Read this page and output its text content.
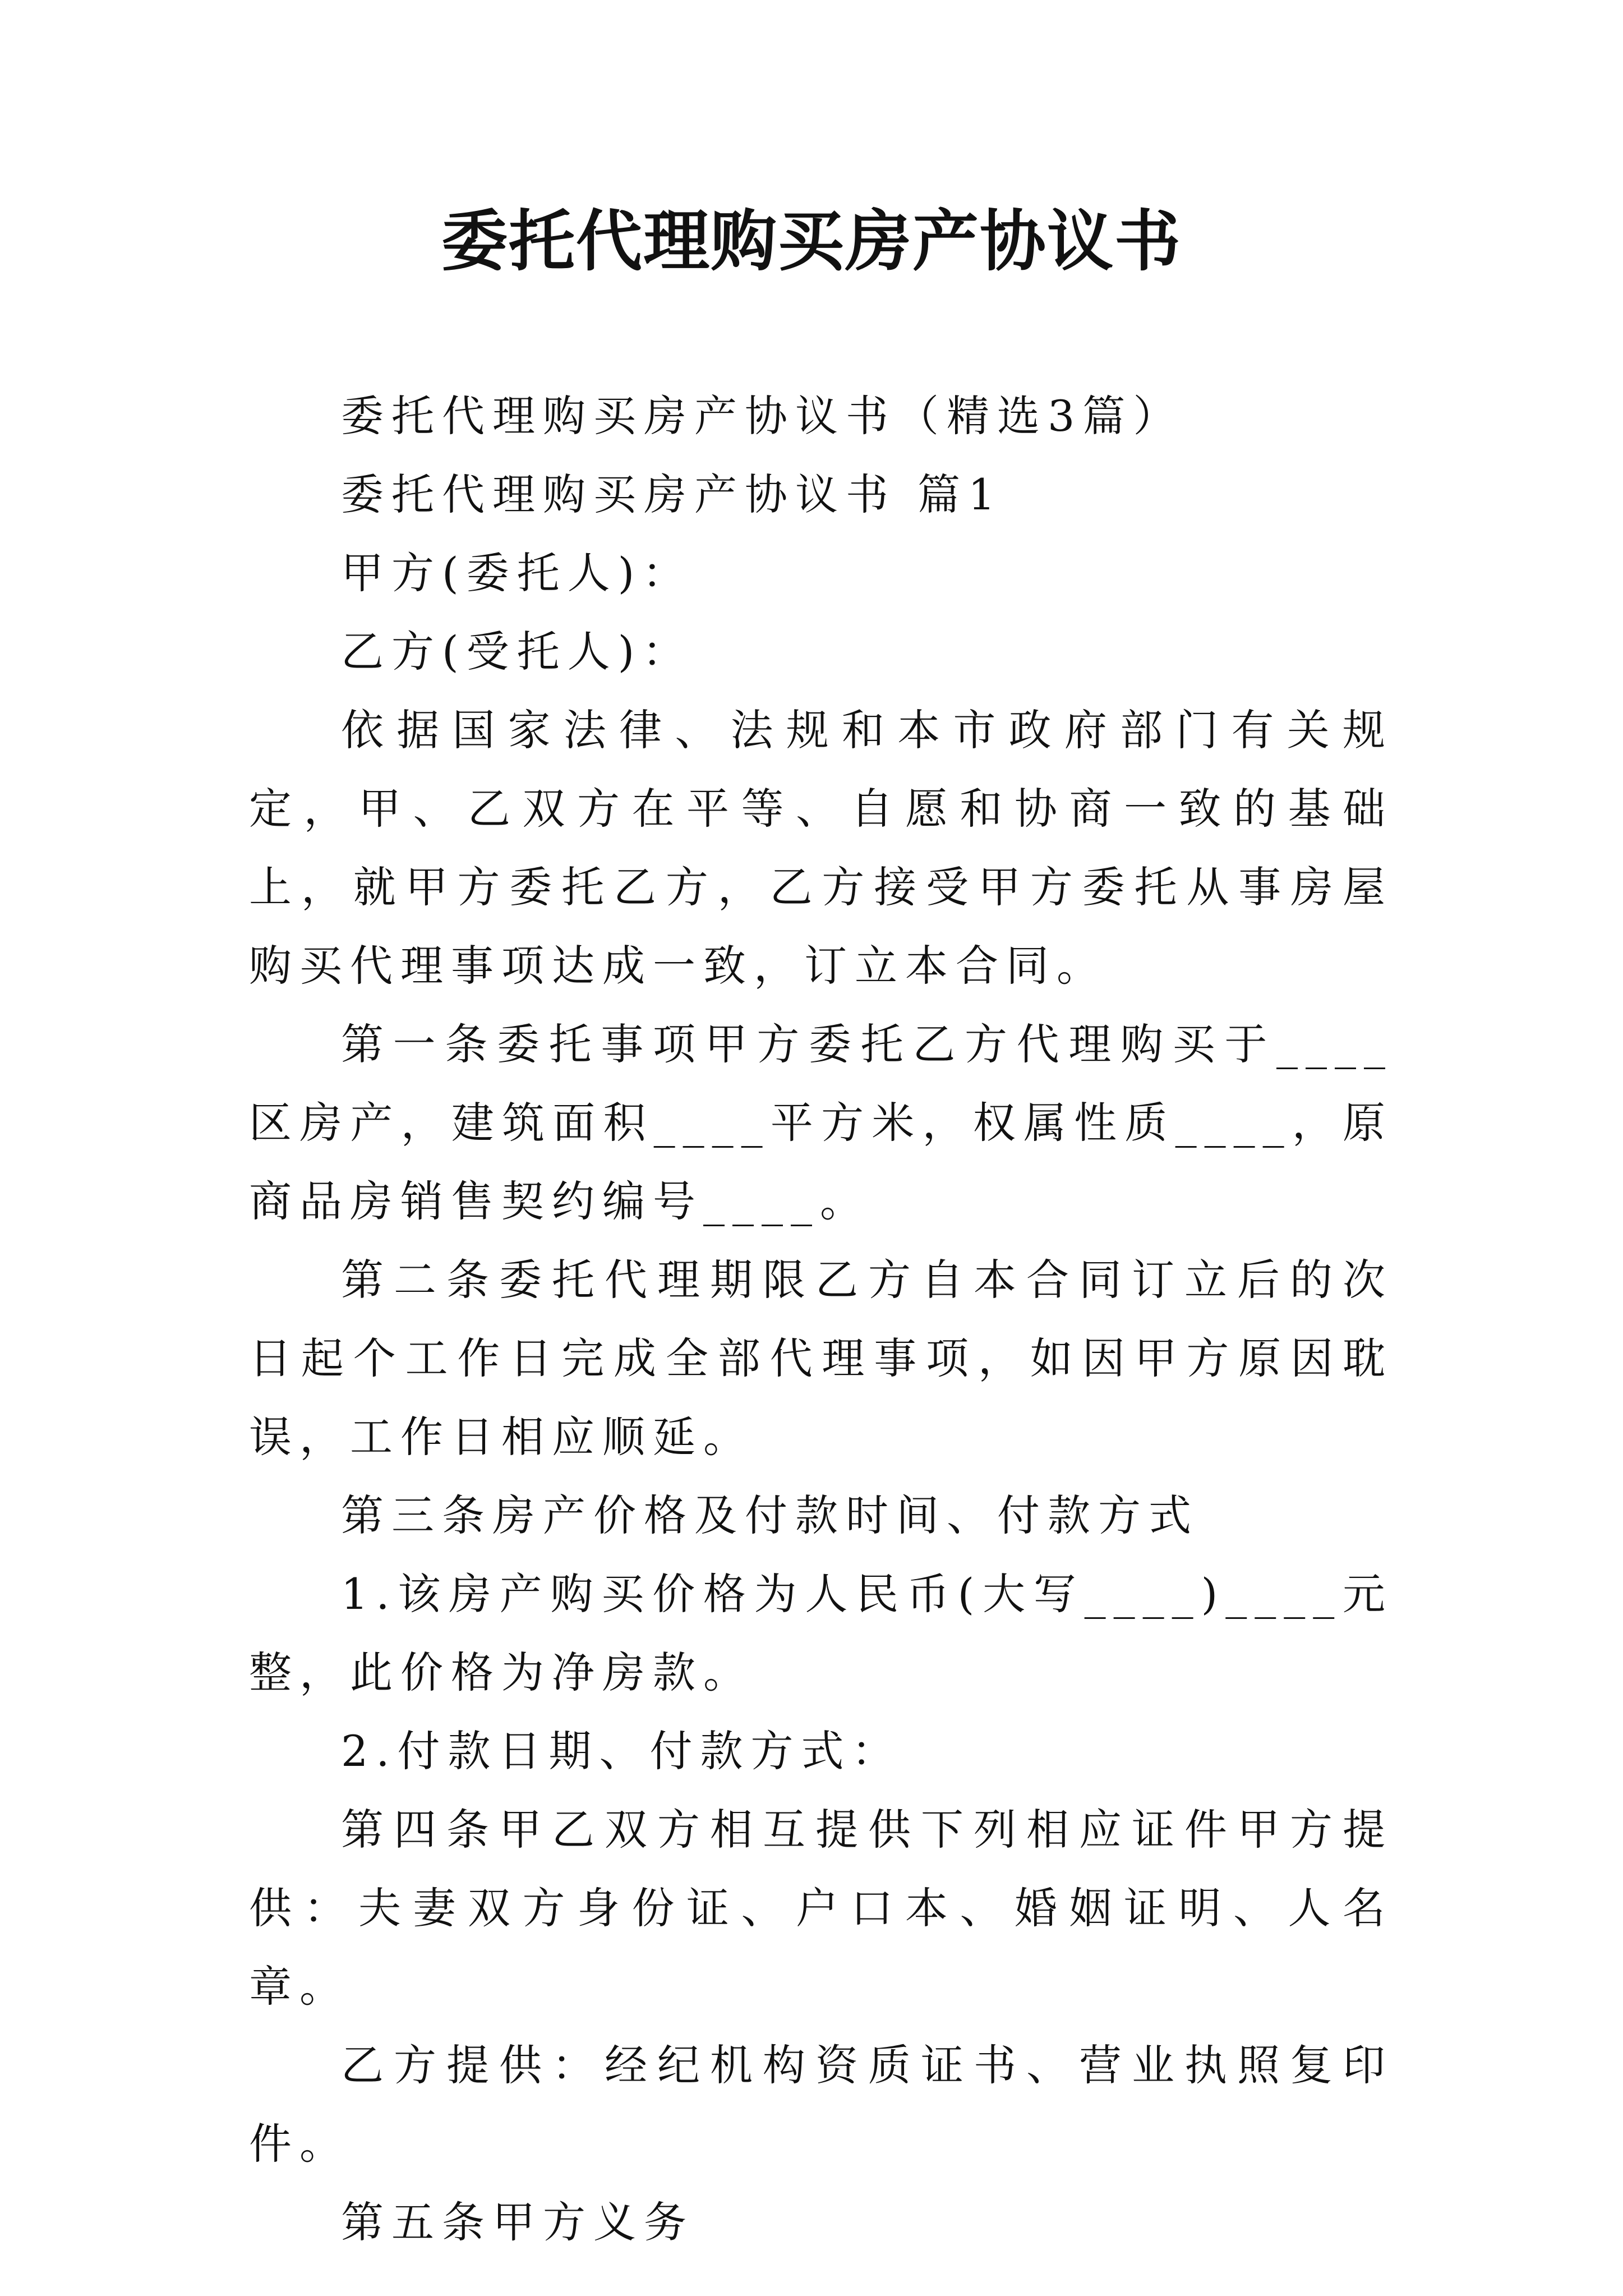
委托代理购买房产协议书

委托代理购买房产协议书（精选3篇）

委托代理购买房产协议书 篇1

甲方(委托人)：

乙方(受托人)：

依据国家法律、法规和本市政府部门有关规定，甲、乙双方在平等、自愿和协商一致的基础上，就甲方委托乙方，乙方接受甲方委托从事房屋购买代理事项达成一致，订立本合同。

第一条委托事项甲方委托乙方代理购买于____区房产，建筑面积____平方米，权属性质____，原商品房销售契约编号____。

第二条委托代理期限乙方自本合同订立后的次日起个工作日完成全部代理事项，如因甲方原因耽误，工作日相应顺延。

第三条房产价格及付款时间、付款方式

1.该房产购买价格为人民币(大写____)____元整，此价格为净房款。

2.付款日期、付款方式：

第四条甲乙双方相互提供下列相应证件甲方提供：夫妻双方身份证、户口本、婚姻证明、人名章。

乙方提供：经纪机构资质证书、营业执照复印件。

第五条甲方义务
